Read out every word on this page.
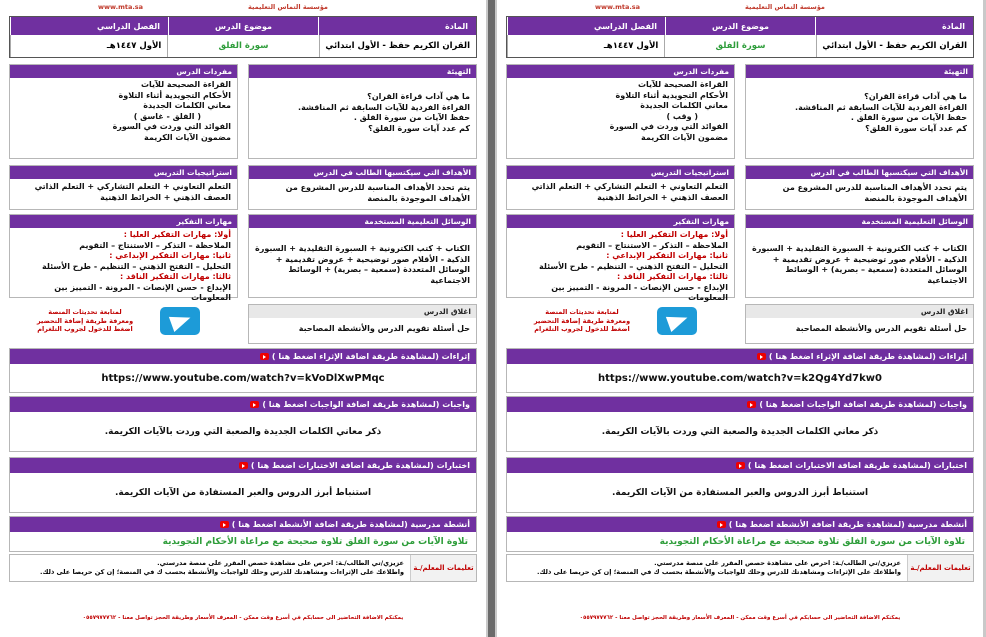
مؤسسة التماس التعليمية
www.mta.sa
المادة
موضوع الدرس
الفصل الدراسي
القران الكريم حفظ - الأول ابتدائي
سورة الفلق
الأول ١٤٤٧هـ
التهيئة
ما هي آداب قراءة القران؟
القراءة الفردية للآيات السابقة ثم المناقشة.
حفظ الآيات من سورة الفلق .
كم عدد آيات سورة الفلق؟
الأهداف التي سيكتسبها الطالب في الدرس
يتم تحدد الأهداف المناسبة للدرس المشروع من الأهداف الموجودة بالمنصة
الوسائل التعليمية المستخدمة
الكتاب + كتب الكترونية + السبورة التقليدية + السبورة الذكية - الأقلام صور توضيحية + عروض تقديمية + الوسائل المتعددة (سمعية – بصرية) + الوسائط الاجتماعية
اغلاق الدرس
حل أسئلة تقويم الدرس والأنشطة المصاحبة
مفردات الدرس
القراءة الصحيحة للآيات
الأحكام التجويدية أثناء التلاوة
معاني الكلمات الجديدة
( وقب )
الفوائد التي وردت في السورة
مضمون الآيات الكريمة
استراتيجيات التدريس
التعلم التعاوني + التعلم التشاركي + التعلم الذاتي العصف الذهني + الخرائط الذهنية
مهارات التفكير
أولا: مهارات التفكير العليا :
الملاحظة – التذكر – الاستنتاج – التقويم
ثانيا: مهارات التفكير الإبداعي :
التحليل – التفتح الذهني – التنظيم - طرح الأسئلة
ثالثا: مهارات التفكير الناقد :
الإبداع - حسن الإنصات - المرونة - التمييز بين المعلومات
لمتابعة تحديثات المنصة
ومعرفة طريقة إضافة التحضير
اضغط للدخول لجروب التلغرام
إثراءات (لمشاهدة طريقة اضافة الإثراء اضغط هنا )
https://www.youtube.com/watch?v=k2Qg4Yd7kw0
واجبات (لمشاهدة طريقة اضافة الواجبات اضغط هنا )
ذكر معاني الكلمات الجديدة والصعبة التي وردت بالآيات الكريمة.
اختبارات (لمشاهدة طريقة اضافة الاختبارات اضغط هنا )
استنباط أبرز الدروس والعبر المستفادة من الآيات الكريمة.
أنشطة مدرسية (لمشاهدة طريقة اضافة الأنشطة اضغط هنا )
تلاوة الآيات من سورة الفلق تلاوة صحيحة مع مراعاة الأحكام التجويدية
تعليمات المعلم/ـة
عزيزي/تي الطالب/ـة: احرص على مشاهدة حصص المقرر على منصة مدرستي.
واطلاعك على الإثراءات ومشاهدتك للدرس وحلك للواجبات والأنشطة بحسب ك في المنصة؛ إن كن حريصا على ذلك.
يمكنكم الاضافة التحاضير الى حسابكم في أسرع وقت ممكن - المعرف الأسعار وطريقة الحجز تواصل معنا - ٠٥٥٧٩٧٧٧٦٢
مؤسسة التماس التعليمية
www.mta.sa
المادة
موضوع الدرس
الفصل الدراسي
القران الكريم حفظ - الأول ابتدائي
سورة الفلق
الأول ١٤٤٧هـ
التهيئة
ما هي آداب قراءة القران؟
القراءة الفردية للآيات السابقة ثم المناقشة.
حفظ الآيات من سورة الفلق .
كم عدد آيات سورة الفلق؟
الأهداف التي سيكتسبها الطالب في الدرس
يتم تحدد الأهداف المناسبة للدرس المشروع من الأهداف الموجودة بالمنصة
الوسائل التعليمية المستخدمة
الكتاب + كتب الكترونية + السبورة التقليدية + السبورة الذكية - الأقلام صور توضيحية + عروض تقديمية + الوسائل المتعددة (سمعية – بصرية) + الوسائط الاجتماعية
اغلاق الدرس
حل أسئلة تقويم الدرس والأنشطة المصاحبة
مفردات الدرس
القراءة الصحيحة للآيات
الأحكام التجويدية أثناء التلاوة
معاني الكلمات الجديدة
( الفلق - غاسق )
الفوائد التي وردت في السورة
مضمون الآيات الكريمة
استراتيجيات التدريس
التعلم التعاوني + التعلم التشاركي + التعلم الذاتي العصف الذهني + الخرائط الذهنية
مهارات التفكير
أولا: مهارات التفكير العليا :
الملاحظة – التذكر – الاستنتاج – التقويم
ثانيا: مهارات التفكير الإبداعي :
التحليل – التفتح الذهني – التنظيم - طرح الأسئلة
ثالثا: مهارات التفكير الناقد :
الإبداع - حسن الإنصات - المرونة - التمييز بين المعلومات
لمتابعة تحديثات المنصة
ومعرفة طريقة إضافة التحضير
اضغط للدخول لجروب التلغرام
إثراءات (لمشاهدة طريقة اضافة الإثراء اضغط هنا )
https://www.youtube.com/watch?v=kVoDlXwPMqc
واجبات (لمشاهدة طريقة اضافة الواجبات اضغط هنا )
ذكر معاني الكلمات الجديدة والصعبة التي وردت بالآيات الكريمة.
اختبارات (لمشاهدة طريقة اضافة الاختبارات اضغط هنا )
استنباط أبرز الدروس والعبر المستفادة من الآيات الكريمة.
أنشطة مدرسية (لمشاهدة طريقة اضافة الأنشطة اضغط هنا )
تلاوة الآيات من سورة الفلق تلاوة صحيحة مع مراعاة الأحكام التجويدية
تعليمات المعلم/ـة
عزيزي/تي الطالب/ـة: احرص على مشاهدة حصص المقرر على منصة مدرستي.
واطلاعك على الإثراءات ومشاهدتك للدرس وحلك للواجبات والأنشطة بحسب ك في المنصة؛ إن كن حريصا على ذلك.
يمكنكم الاضافة التحاضير الى حسابكم في أسرع وقت ممكن - المعرف الأسعار وطريقة الحجز تواصل معنا - ٠٥٥٧٩٧٧٧٦٢
